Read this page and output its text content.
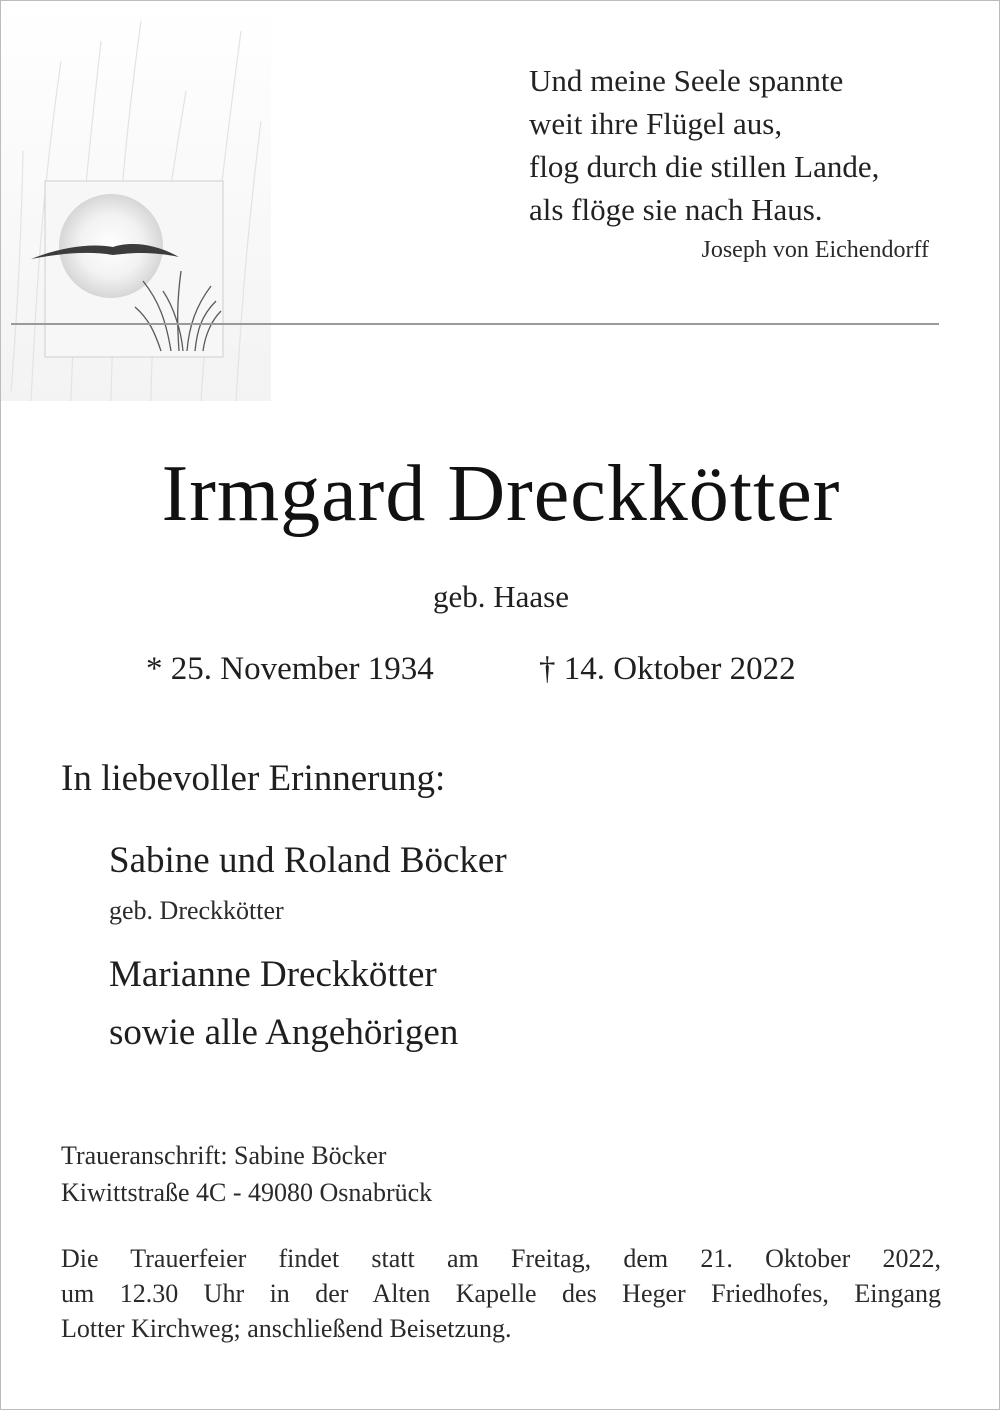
Und meine Seele spannte
weit ihre Flügel aus,
flog durch die stillen Lande,
als flöge sie nach Haus.
Joseph von Eichendorff
Irmgard Dreckkötter
geb. Haase
* 25. November 1934	† 14. Oktober 2022
In liebevoller Erinnerung:
Sabine und Roland Böcker
geb. Dreckkötter
Marianne Dreckkötter
sowie alle Angehörigen
Traueranschrift: Sabine Böcker
Kiwittstraße 4C - 49080 Osnabrück
Die Trauerfeier findet statt am Freitag, dem 21. Oktober 2022,
um 12.30 Uhr in der Alten Kapelle des Heger Friedhofes, Eingang
Lotter Kirchweg; anschließend Beisetzung.
